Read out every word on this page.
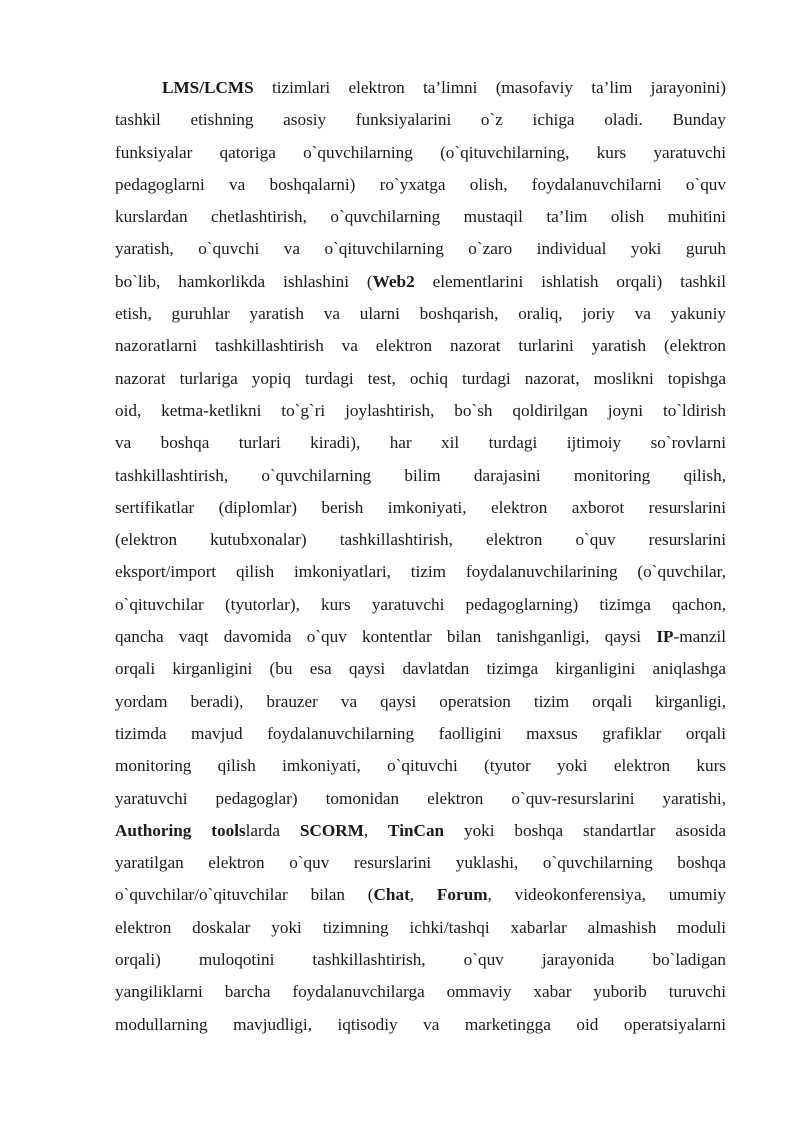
LMS/LCMS tizimlari elektron ta’limni (masofaviy ta’lim jarayonini)
tashkil etishning asosiy funksiyalarini o`z ichiga oladi. Bunday
funksiyalar qatoriga o`quvchilarning (o`qituvchilarning, kurs yaratuvchi
pedagoglarni va boshqalarni) ro`yxatga olish, foydalanuvchilarni o`quv
kurslardan chetlashtirish, o`quvchilarning mustaqil ta’lim olish muhitini
yaratish, o`quvchi va o`qituvchilarning o`zaro individual yoki guruh
bo`lib, hamkorlikda ishlashini (Web2 elementlarini ishlatish orqali) tashkil
etish, guruhlar yaratish va ularni boshqarish, oraliq, joriy va yakuniy
nazoratlarni tashkillashtirish va elektron nazorat turlarini yaratish (elektron
nazorat turlariga yopiq turdagi test, ochiq turdagi nazorat, moslikni topishga
oid, ketma-ketlikni to`g`ri joylashtirish, bo`sh qoldirilgan joyni to`ldirish
va boshqa turlari kiradi), har xil turdagi ijtimoiy so`rovlarni
tashkillashtirish, o`quvchilarning bilim darajasini monitoring qilish,
sertifikatlar (diplomlar) berish imkoniyati, elektron axborot resurslarini
(elektron kutubxonalar) tashkillashtirish, elektron o`quv resurslarini
eksport/import qilish imkoniyatlari, tizim foydalanuvchilarining (o`quvchilar,
o`qituvchilar (tyutorlar), kurs yaratuvchi pedagoglarning) tizimga qachon,
qancha vaqt davomida o`quv kontentlar bilan tanishganligi, qaysi IP-manzil
orqali kirganligini (bu esa qaysi davlatdan tizimga kirganligini aniqlashga
yordam beradi), brauzer va qaysi operatsion tizim orqali kirganligi,
tizimda mavjud foydalanuvchilarning faolligini maxsus grafiklar orqali
monitoring qilish imkoniyati, o`qituvchi (tyutor yoki elektron kurs
yaratuvchi pedagoglar) tomonidan elektron o`quv-resurslarini yaratishi,
Authoring toolslarda SCORM, TinCan yoki boshqa standartlar asosida
yaratilgan elektron o`quv resurslarini yuklashi, o`quvchilarning boshqa
o`quvchilar/o`qituvchilar bilan (Chat, Forum, videokonferensiya, umumiy
elektron doskalar yoki tizimning ichki/tashqi xabarlar almashish moduli
orqali) muloqotini tashkillashtirish, o`quv jarayonida bo`ladigan
yangiliklarni barcha foydalanuvchilarga ommaviy xabar yuborib turuvchi
modullarning mavjudligi, iqtisodiy va marketingga oid operatsiyalarni
